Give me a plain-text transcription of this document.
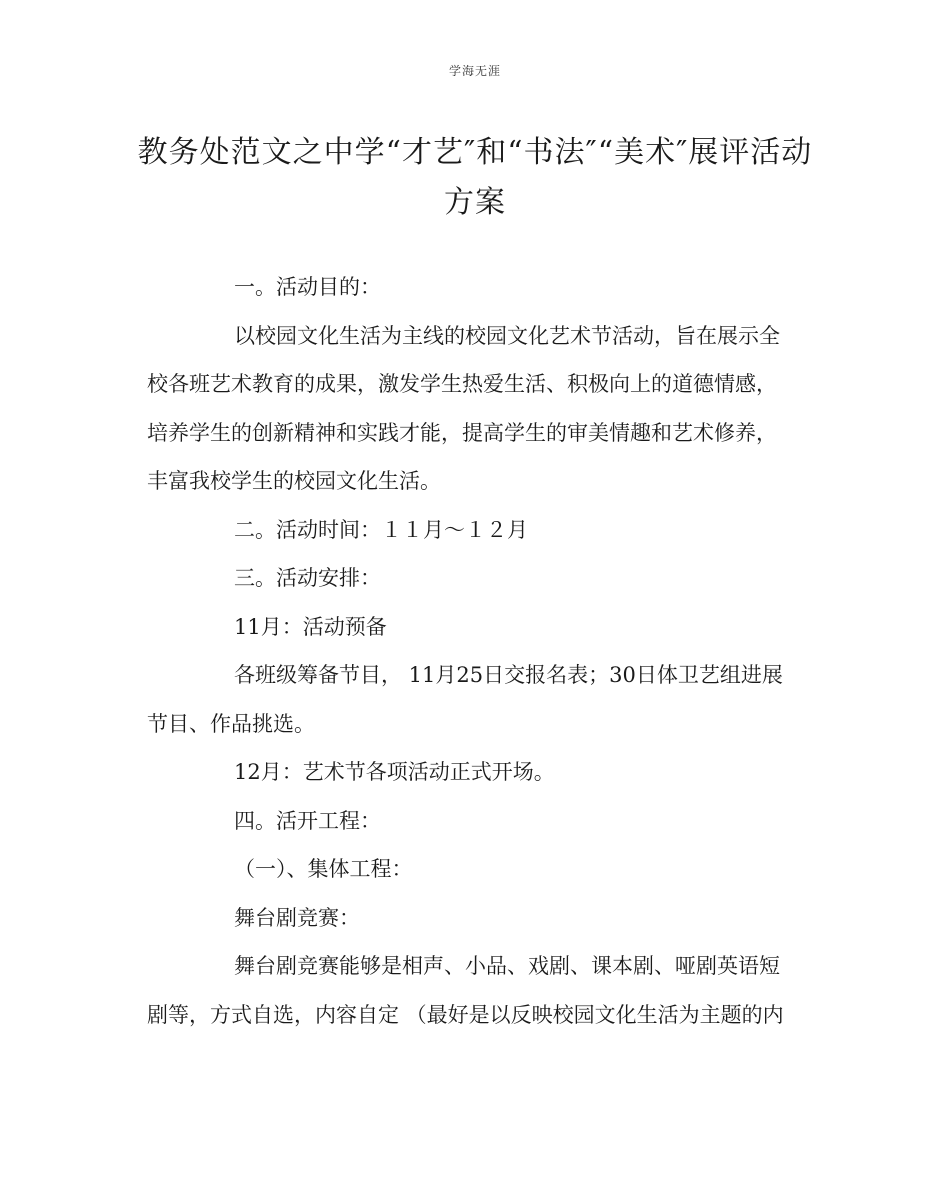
学海无涯
教务处范文之中学“才艺″和“书法″“美术″展评活动
方案

一。活动目的：

以校园文化生活为主线的校园文化艺术节活动，旨在展示全
校各班艺术教育的成果，激发学生热爱生活、积极向上的道德情感，
培养学生的创新精神和实践才能，提高学生的审美情趣和艺术修养，
丰富我校学生的校园文化生活。

二。活动时间：１１月～１２月

三。活动安排：

11月：活动预备

各班级筹备节目， 11月25日交报名表；30日体卫艺组进展
节目、作品挑选。

12月：艺术节各项活动正式开场。

四。活开工程：

（一）、集体工程：

舞台剧竞赛：

舞台剧竞赛能够是相声、小品、戏剧、课本剧、哑剧英语短
剧等，方式自选，内容自定 （最好是以反映校园文化生活为主题的内
